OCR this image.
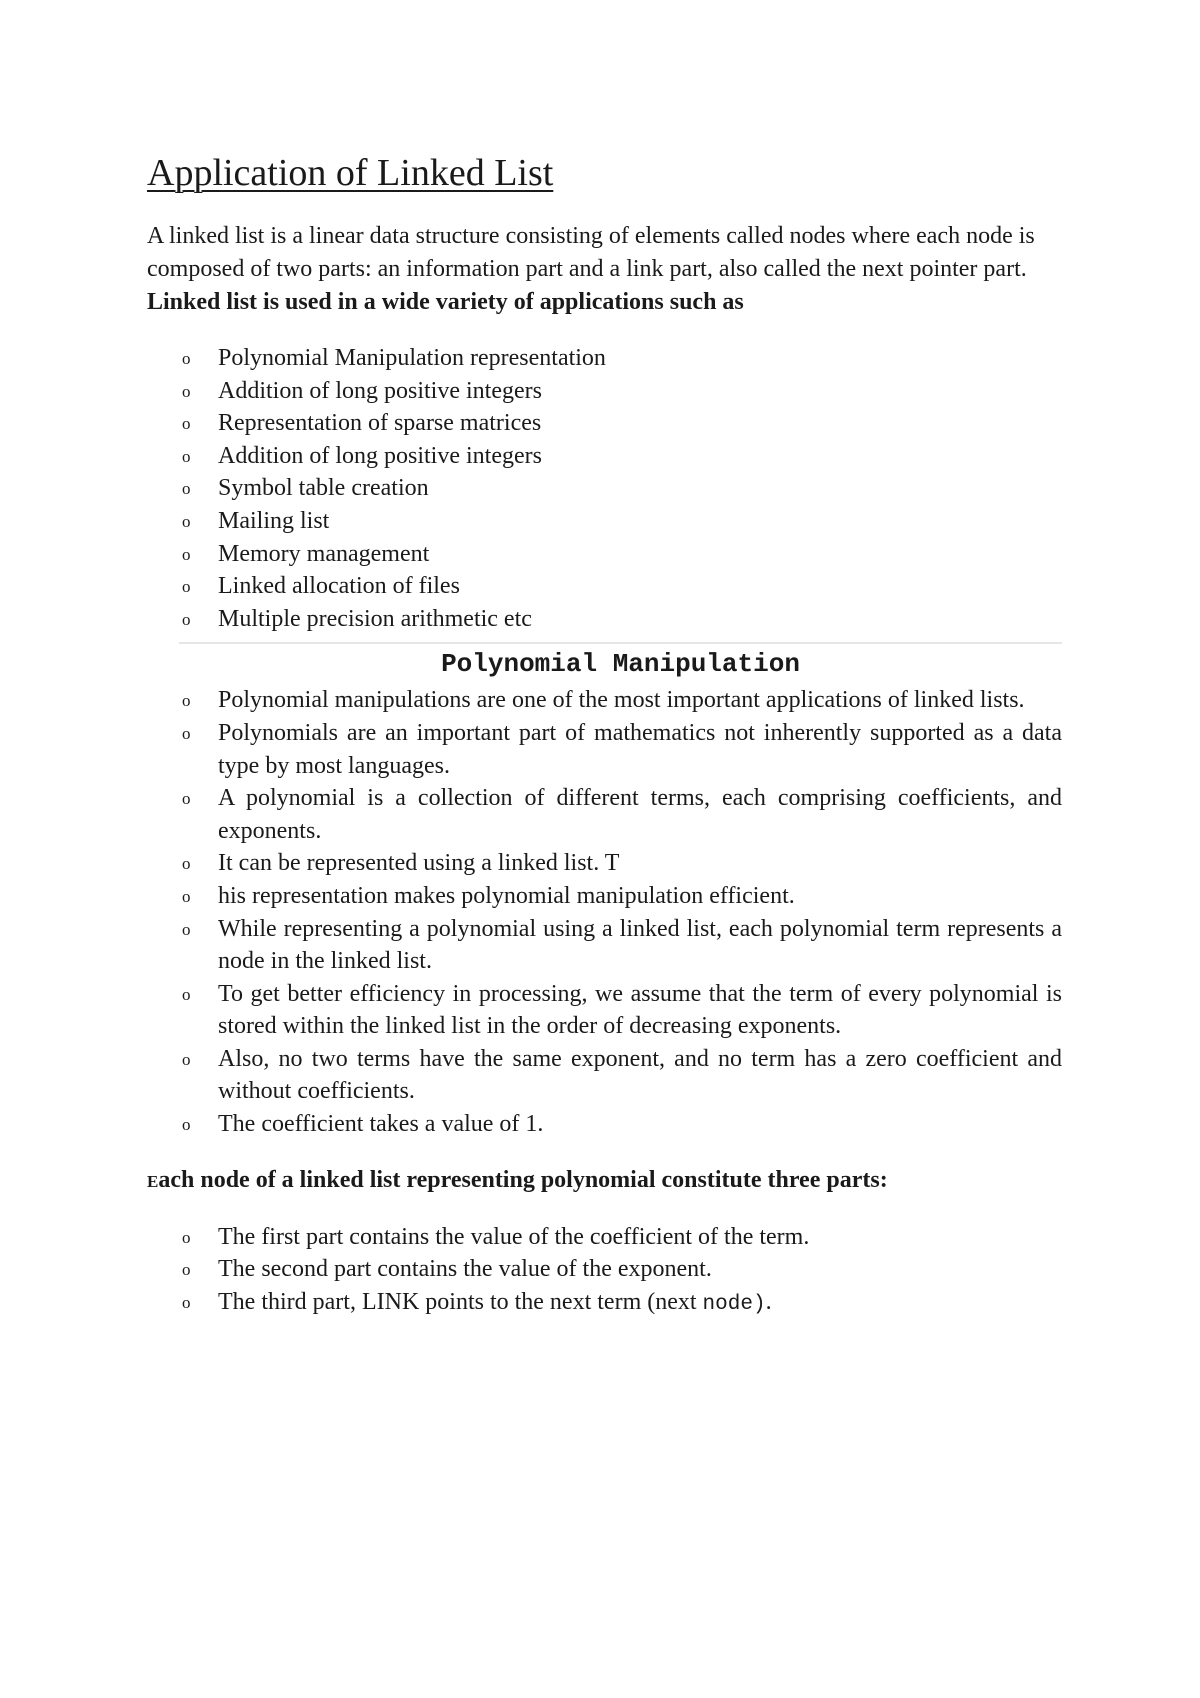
Application of Linked List

A linked list is a linear data structure consisting of elements called nodes where each node is composed of two parts: an information part and a link part, also called the next pointer part.

Linked list is used in a wide variety of applications such as

o Polynomial Manipulation representation
o Addition of long positive integers
o Representation of sparse matrices
o Addition of long positive integers
o Symbol table creation
o Mailing list
o Memory management
o Linked allocation of files
o Multiple precision arithmetic etc
Polynomial Manipulation
o Polynomial manipulations are one of the most important applications of linked lists.
o Polynomials are an important part of mathematics not inherently supported as a data type by most languages.
o A polynomial is a collection of different terms, each comprising coefficients, and exponents.
o It can be represented using a linked list. T
o his representation makes polynomial manipulation efficient.
o While representing a polynomial using a linked list, each polynomial term represents a node in the linked list.
o To get better efficiency in processing, we assume that the term of every polynomial is stored within the linked list in the order of decreasing exponents.
o Also, no two terms have the same exponent, and no term has a zero coefficient and without coefficients.
o The coefficient takes a value of 1.

Each node of a linked list representing polynomial constitute three parts:

o The first part contains the value of the coefficient of the term.
o The second part contains the value of the exponent.
o The third part, LINK points to the next term (next node).
